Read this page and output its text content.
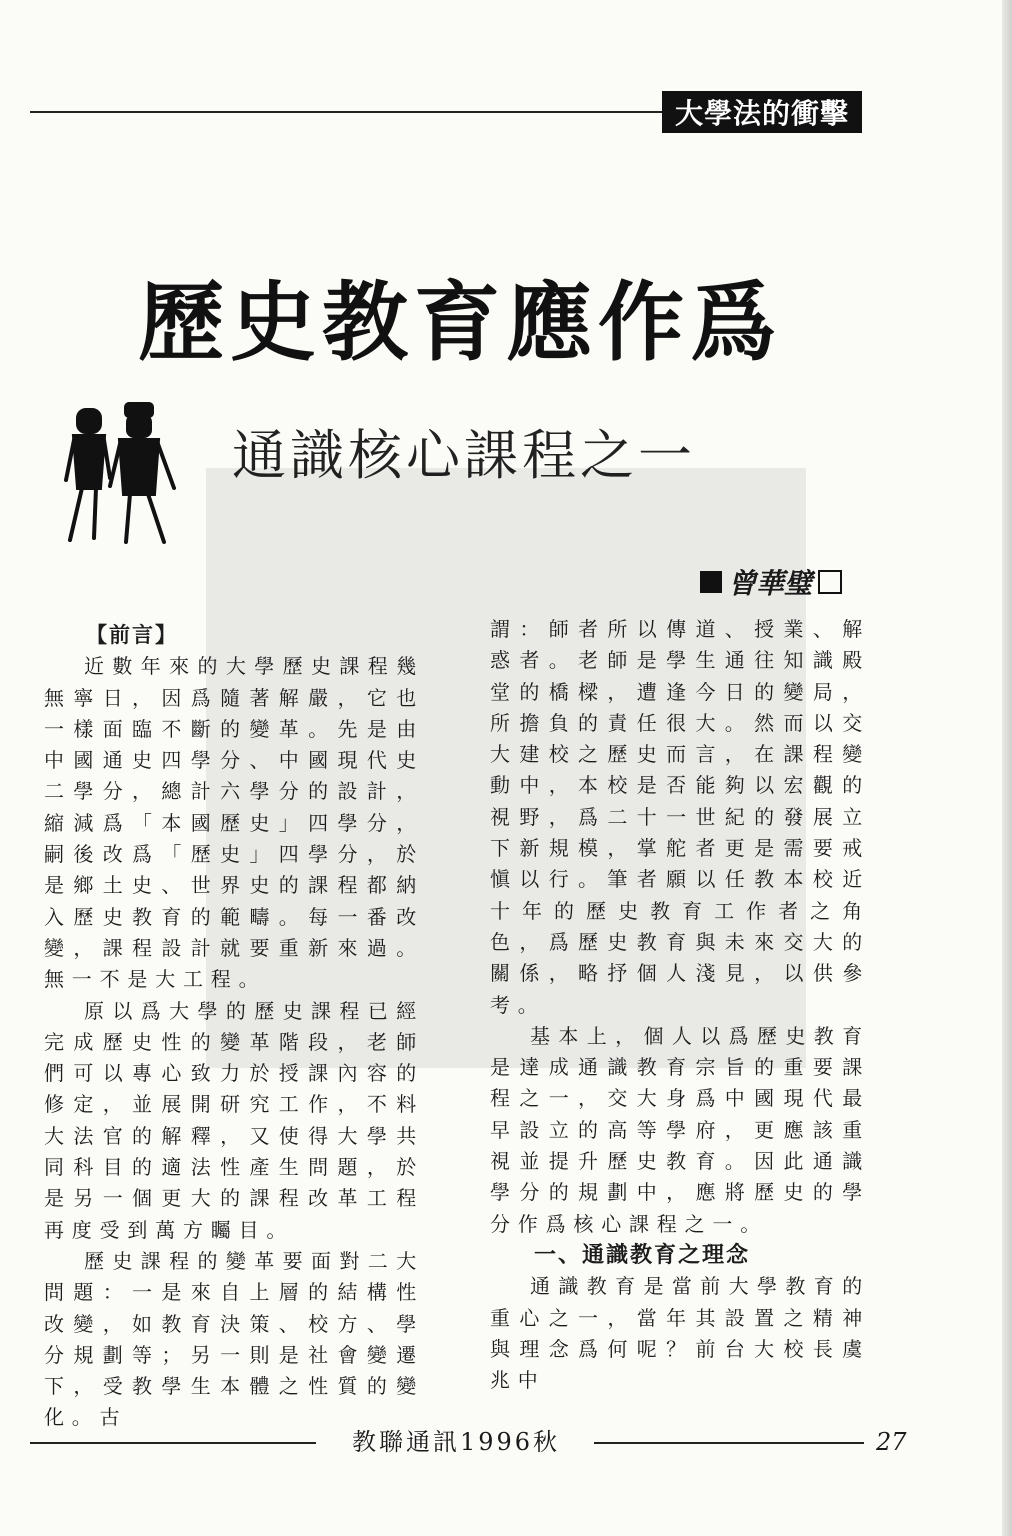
大學法的衝擊
歷史教育應作爲
通識核心課程之一
曾華璧

【前言】

近數年來的大學歷史課程幾無寧日，因爲隨著解嚴，它也一樣面臨不斷的變革。先是由中國通史四學分、中國現代史二學分，總計六學分的設計，縮減爲「本國歷史」四學分，嗣後改爲「歷史」四學分，於是鄉土史、世界史的課程都納入歷史教育的範疇。每一番改變，課程設計就要重新來過。無一不是大工程。

原以爲大學的歷史課程已經完成歷史性的變革階段，老師們可以專心致力於授課內容的修定，並展開研究工作，不料大法官的解釋，又使得大學共同科目的適法性產生問題，於是另一個更大的課程改革工程再度受到萬方矚目。

歷史課程的變革要面對二大問題：一是來自上層的結構性改變，如教育決策、校方、學分規劃等；另一則是社會變遷下，受教學生本體之性質的變化。古

謂：師者所以傳道、授業、解惑者。老師是學生通往知識殿堂的橋樑，遭逢今日的變局，所擔負的責任很大。然而以交大建校之歷史而言，在課程變動中，本校是否能夠以宏觀的視野，爲二十一世紀的發展立下新規模，掌舵者更是需要戒愼以行。筆者願以任教本校近十年的歷史教育工作者之角色，爲歷史教育與未來交大的關係，略抒個人淺見，以供參考。

基本上，個人以爲歷史教育是達成通識教育宗旨的重要課程之一，交大身爲中國現代最早設立的高等學府，更應該重視並提升歷史教育。因此通識學分的規劃中，應將歷史的學分作爲核心課程之一。

一、通識教育之理念

通識教育是當前大學教育的重心之一，當年其設置之精神與理念爲何呢？前台大校長虞兆中

教聯通訊1996秋	27
